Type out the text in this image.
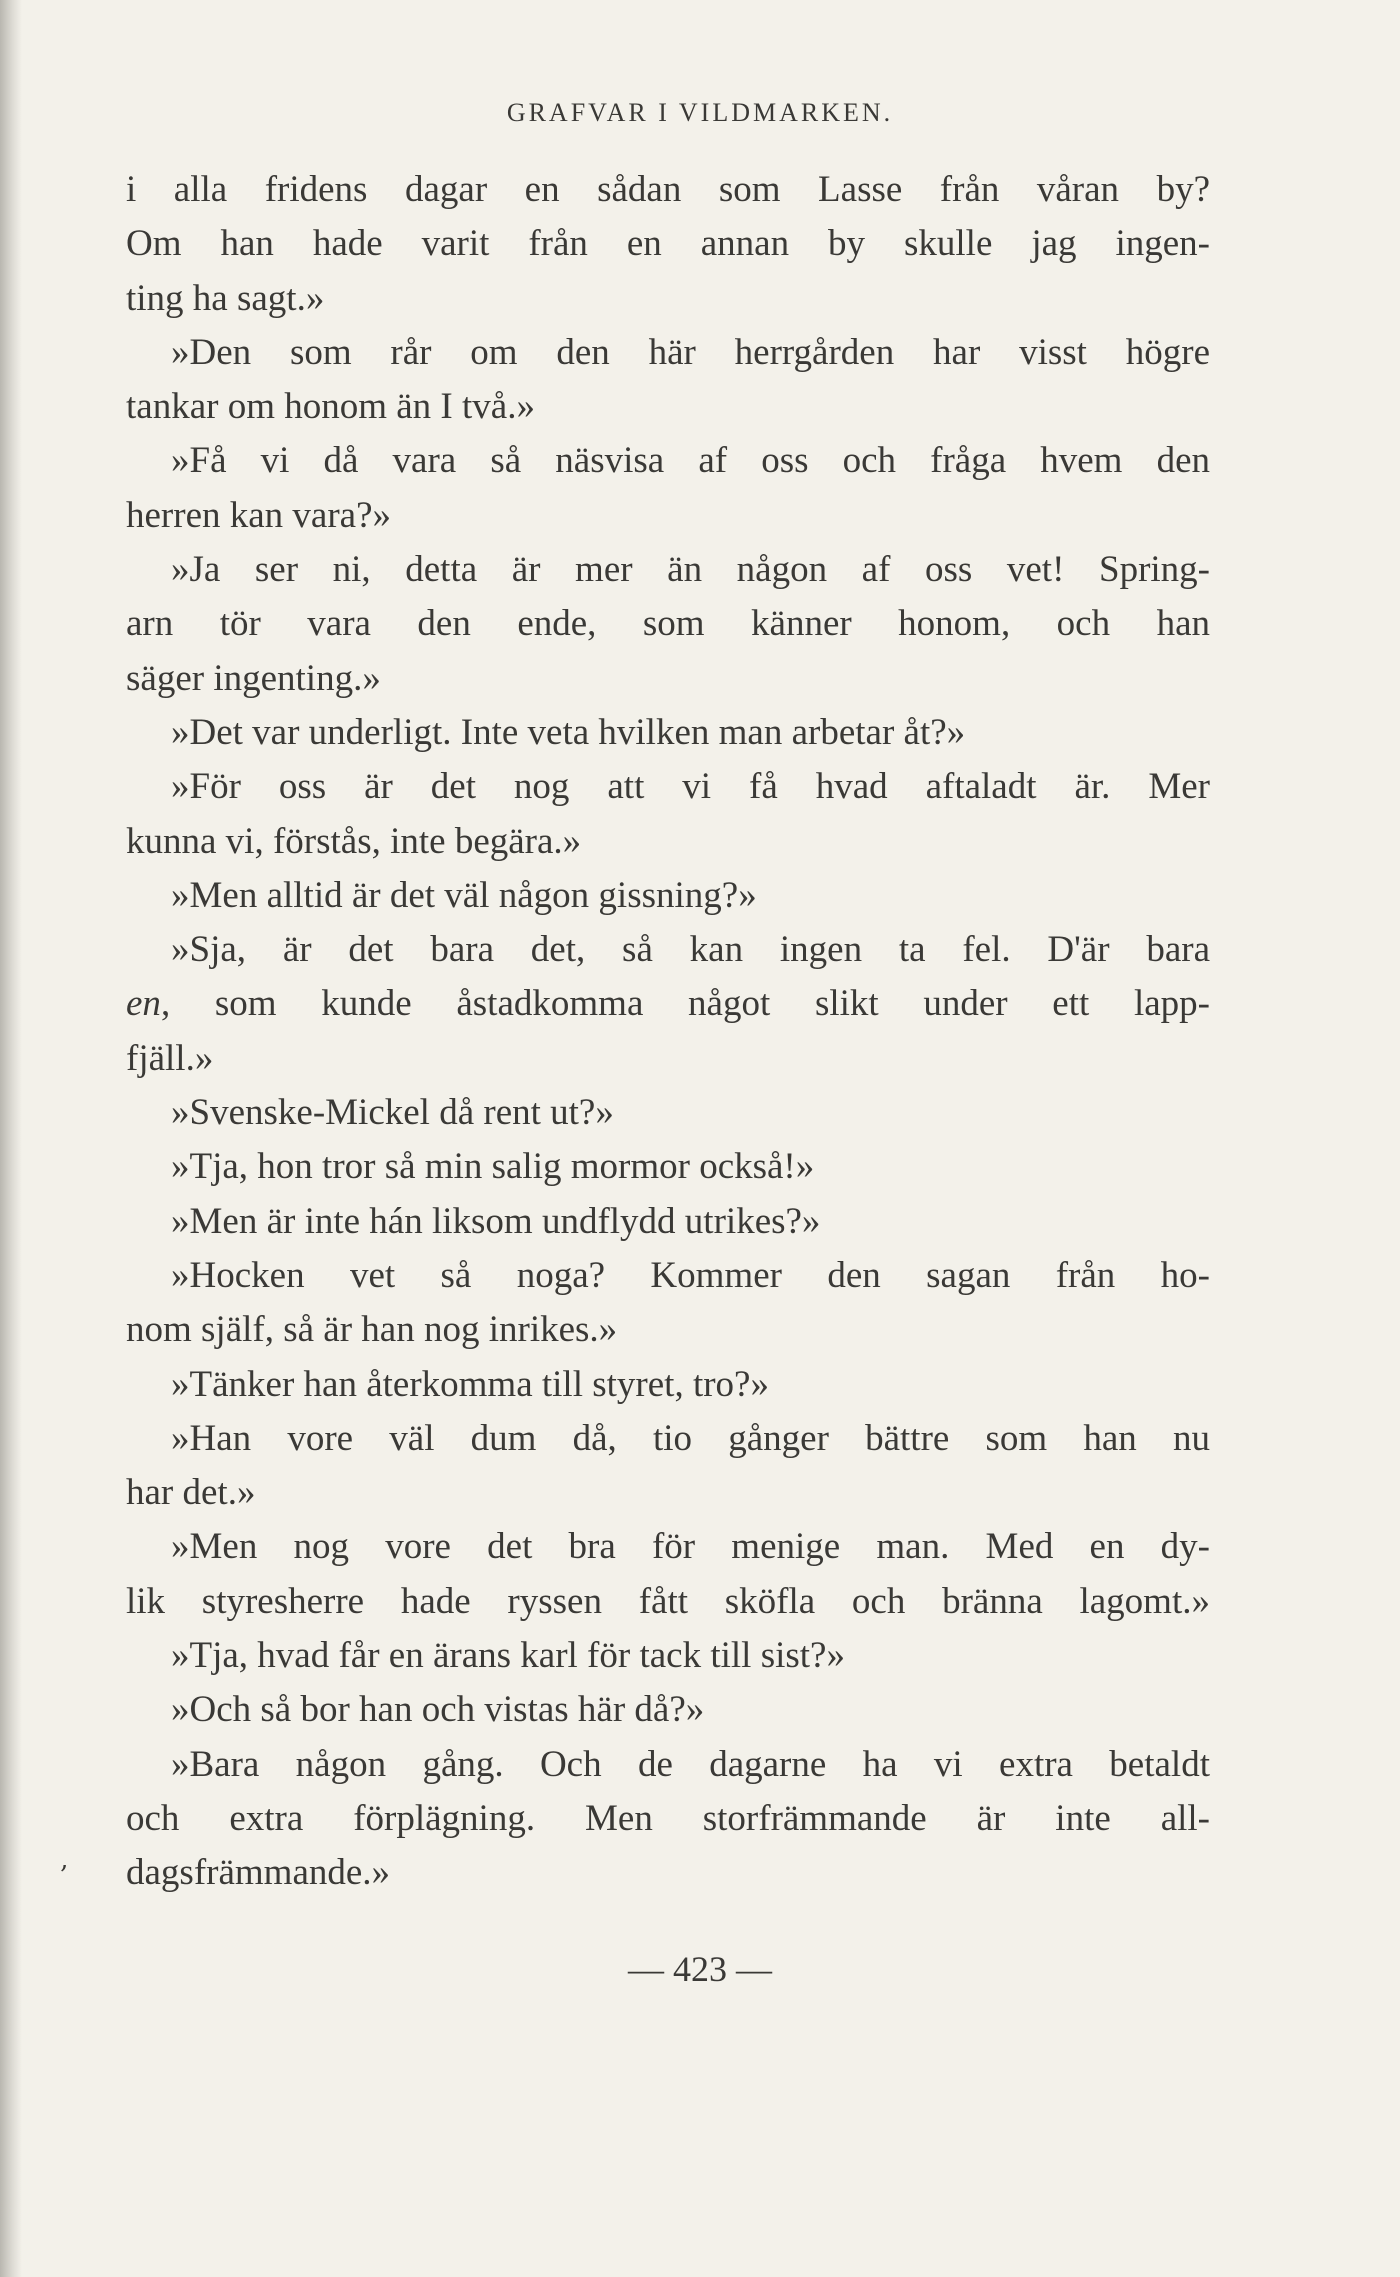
GRAFVAR I VILDMARKEN.
i alla fridens dagar en sådan som Lasse från våran by?
Om han hade varit från en annan by skulle jag ingen-
ting ha sagt.»
»Den som rår om den här herrgården har visst högre
tankar om honom än I två.»
»Få vi då vara så näsvisa af oss och fråga hvem den
herren kan vara?»
»Ja ser ni, detta är mer än någon af oss vet! Spring-
arn tör vara den ende, som känner honom, och han
säger ingenting.»
»Det var underligt. Inte veta hvilken man arbetar åt?»
»För oss är det nog att vi få hvad aftaladt är. Mer
kunna vi, förstås, inte begära.»
»Men alltid är det väl någon gissning?»
»Sja, är det bara det, så kan ingen ta fel. D'är bara
en , som kunde åstadkomma något slikt under ett lapp-
fjäll.»
»Svenske-Mickel då rent ut?»
»Tja, hon tror så min salig mormor också!»
»Men är inte hán liksom undflydd utrikes?»
»Hocken vet så noga? Kommer den sagan från ho-
nom själf, så är han nog inrikes.»
»Tänker han återkomma till styret, tro?»
»Han vore väl dum då, tio gånger bättre som han nu
har det.»
»Men nog vore det bra för menige man. Med en dy-
lik styresherre hade ryssen fått sköfla och bränna lagomt.»
»Tja, hvad får en ärans karl för tack till sist?»
»Och så bor han och vistas här då?»
»Bara någon gång. Och de dagarne ha vi extra betaldt
och extra förplägning. Men storfrämmande är inte all-
dagsfrämmande.»
‚
— 423 —
